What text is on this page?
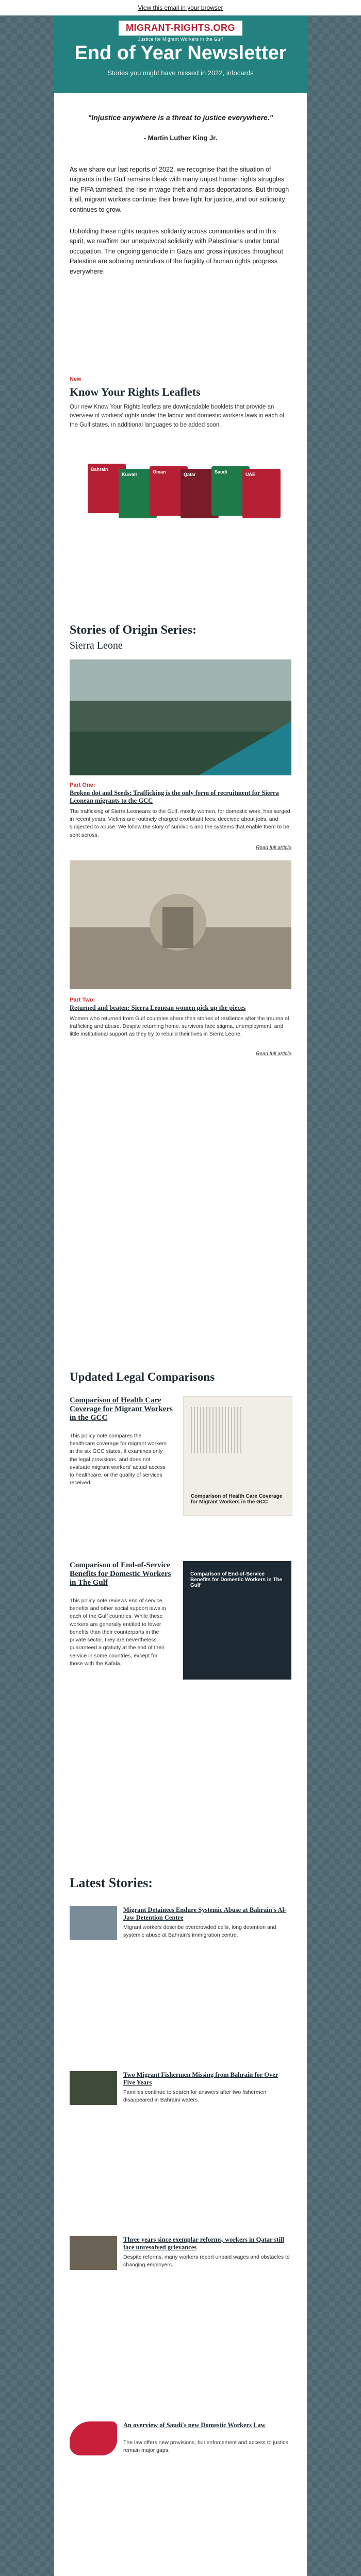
View this email in your browser
MIGRANT-RIGHTS.ORG
Justice for Migrant Workers in the Gulf
End of Year Newsletter
Stories you might have missed in 2022, infocards
"Injustice anywhere is a threat to justice everywhere."
- Martin Luther King Jr.

As we share our last reports of 2022, we recognise that the situation of migrants in the Gulf remains bleak with many unjust human rights struggles: the FIFA tarnished, the rise in wage theft and mass deportations. But through it all, migrant workers continue their brave fight for justice, and our solidarity continues to grow.

Upholding these rights requires solidarity across communities and in this spirit, we reaffirm our unequivocal solidarity with Palestinians under brutal occupation. The ongoing genocide in Gaza and gross injustices throughout Palestine are sobering reminders of the fragility of human rights progress everywhere.

New
Know Your Rights Leaflets
Our new Know Your Rights leaflets are downloadable booklets that provide an overview of workers' rights under the labour and domestic workers laws in each of the Gulf states, in additional languages to be added soon.
Bahrain
Kuwait	Oman	Qatar	Saudi	UAE
Stories of Origin Series:
Sierra Leone
Part One:
Broken dot and Seeds: Trafficking is the only form of recruitment for Sierra Leonean migrants to the GCC
The trafficking of Sierra Leoneans to the Gulf, mostly women, for domestic work, has surged in recent years. Victims are routinely charged exorbitant fees, deceived about jobs, and subjected to abuse. We follow the story of survivors and the systems that enable them to be sent across.
Read full article
Part Two:
Returned and beaten: Sierra Leonean women pick up the pieces
Women who returned from Gulf countries share their stories of resilience after the trauma of trafficking and abuse. Despite returning home, survivors face stigma, unemployment, and little institutional support as they try to rebuild their lives in Sierra Leone.
Read full article
Updated Legal Comparisons
Comparison of Health Care Coverage for Migrant Workers in the GCC
This policy note compares the healthcare coverage for migrant workers in the six GCC states. It examines only the legal provisions, and does not evaluate migrant workers' actual access to healthcare, or the quality of services received.
Comparison of Health Care Coverage for Migrant Workers in the GCC
Comparison of End-of-Service Benefits for Domestic Workers in The Gulf
This policy note reviews end of service benefits and other social support laws in each of the Gulf countries. While these workers are generally entitled to fewer benefits than their counterparts in the private sector, they are nevertheless guaranteed a gratuity at the end of their service in some countries, except for those with the Kafala.
Comparison of End-of-Service Benefits for Domestic Workers in The Gulf
Latest Stories:
Migrant Detainees Endure Systemic Abuse at Bahrain's Al-Jaw Detention Centre
Migrant workers describe overcrowded cells, long detention and systemic abuse at Bahrain's immigration centre.
Two Migrant Fishermen Missing from Bahrain for Over Five Years
Families continue to search for answers after two fishermen disappeared in Bahraini waters.
Three years since exemplar reforms, workers in Qatar still face unresolved grievances
Despite reforms, many workers report unpaid wages and obstacles to changing employers.
An overview of Saudi's new Domestic Workers Law
The law offers new provisions, but enforcement and access to justice remain major gaps.
